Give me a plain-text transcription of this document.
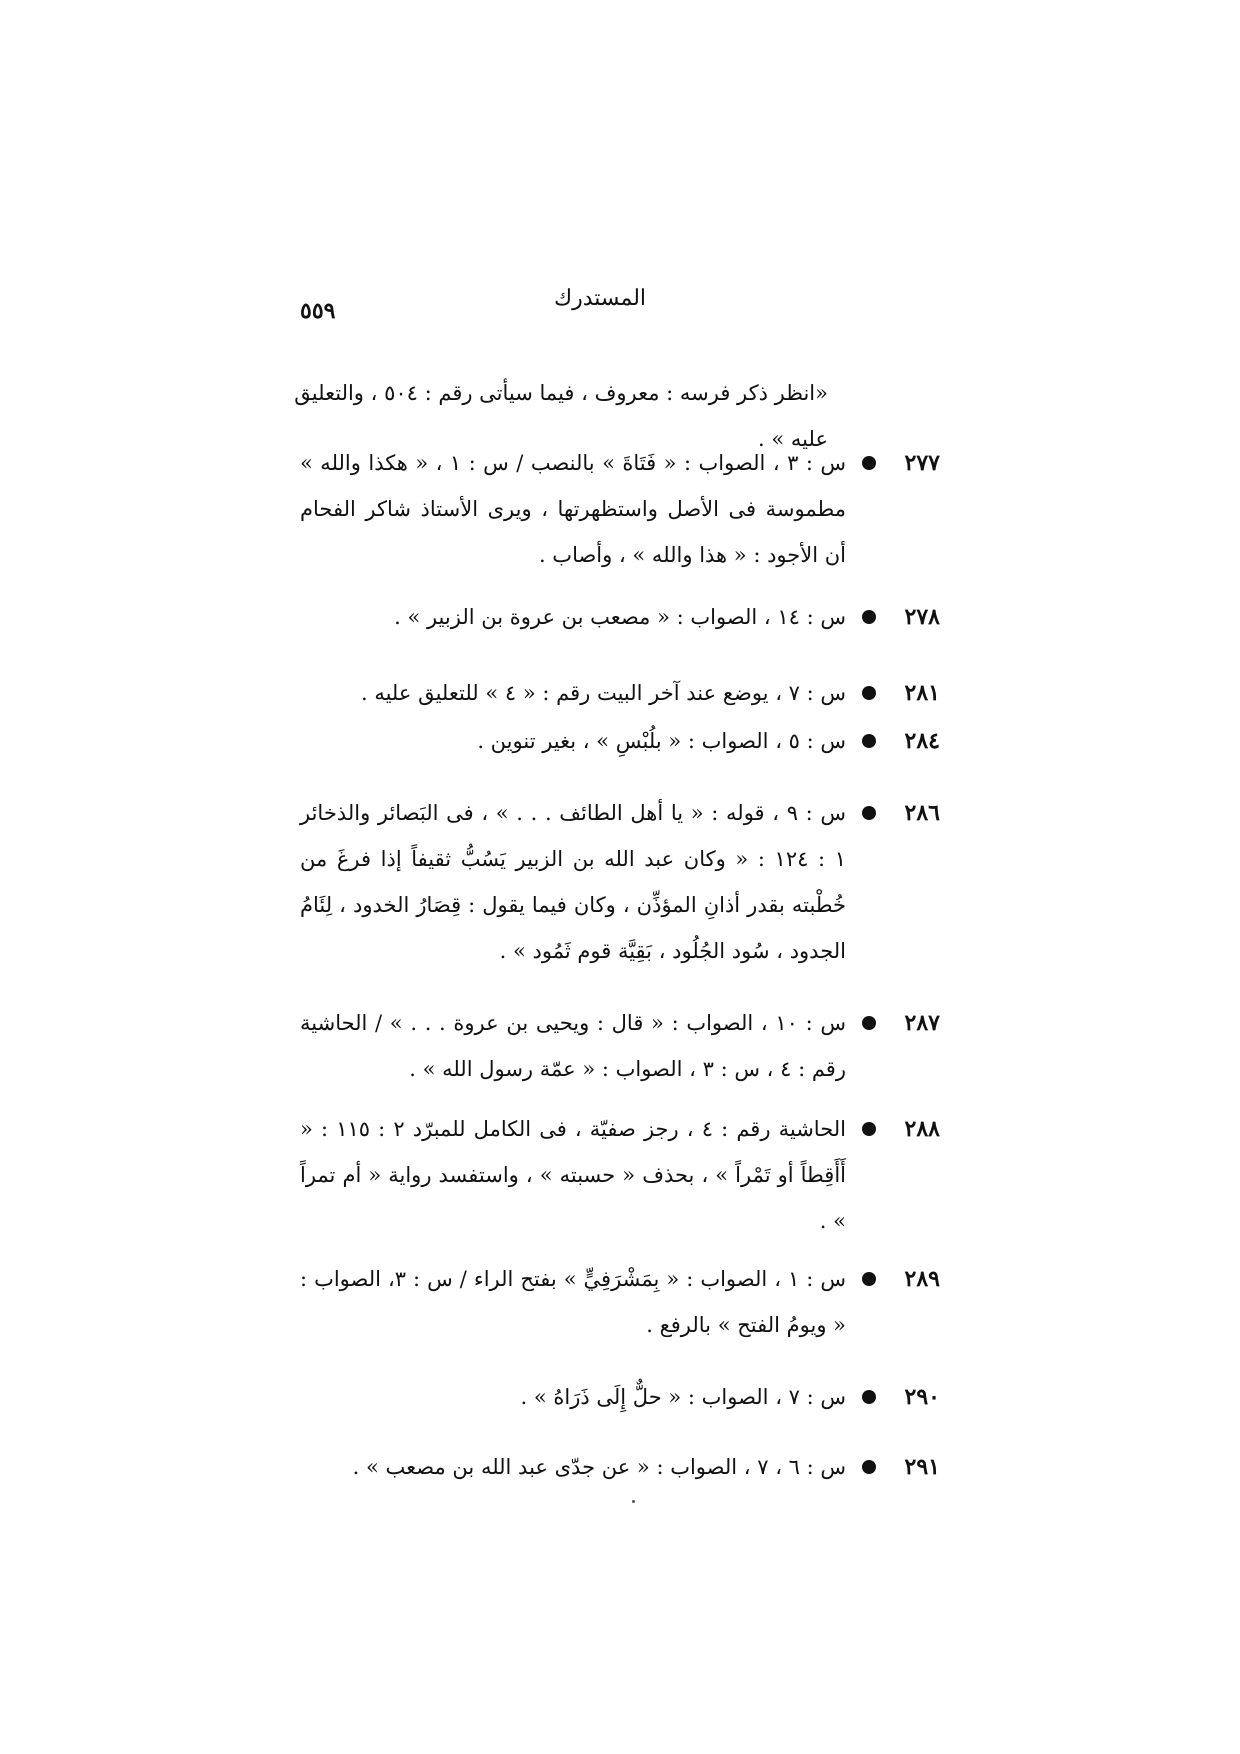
المستدرك
٥٥٩
«انظر ذكر فرسه : معروف ، فيما سيأتى رقم : ٥٠٤ ، والتعليق عليه » .
٢٧٧
س : ٣ ، الصواب : « فَتَاةَ » بالنصب / س : ١ ، « هكذا والله » مطموسة فى الأصل واستظهرتها ، ويرى الأستاذ شاكر الفحام أن الأجود : « هذا والله » ، وأصاب .
٢٧٨
س : ١٤ ، الصواب : « مصعب بن عروة بن الزبير » .
٢٨١
س : ٧ ، يوضع عند آخر البيت رقم : « ٤ » للتعليق عليه .
٢٨٤
س : ٥ ، الصواب : « بلُبْسِ » ، بغير تنوين .
٢٨٦
س : ٩ ، قوله : « يا أهل الطائف . . . » ، فى البَصائر والذخائر ١ : ١٢٤ : « وكان عبد الله بن الزبير يَسُبُّ ثقيفاً إذا فرغَ من خُطْبته بقدر أذانِ المؤذِّن ، وكان فيما يقول : قِصَارُ الخدود ، لِئَامُ الجدود ، سُود الجُلُود ، بَقِيَّة قوم ثَمُود » .
٢٨٧
س : ١٠ ، الصواب : « قال : ويحيى بن عروة . . . » / الحاشية رقم : ٤ ، س : ٣ ، الصواب : « عمّة رسول الله » .
٢٨٨
الحاشية رقم : ٤ ، رجز صفيّة ، فى الكامل للمبرّد ٢ : ١١٥ : « أَأَقِطاً أو تَمْراً » ، بحذف « حسبته » ، واستفسد رواية « أم تمراً » .
٢٨٩
س : ١ ، الصواب : « بِمَشْرَفِيٍّ » بفتح الراء / س : ٣، الصواب : « ويومُ الفتح » بالرفع .
٢٩٠
س : ٧ ، الصواب : « حلٌّ إِلَى ذَرَاهُ » .
٢٩١
س : ٦ ، ٧ ، الصواب : « عن جدّى عبد الله بن مصعب » .
